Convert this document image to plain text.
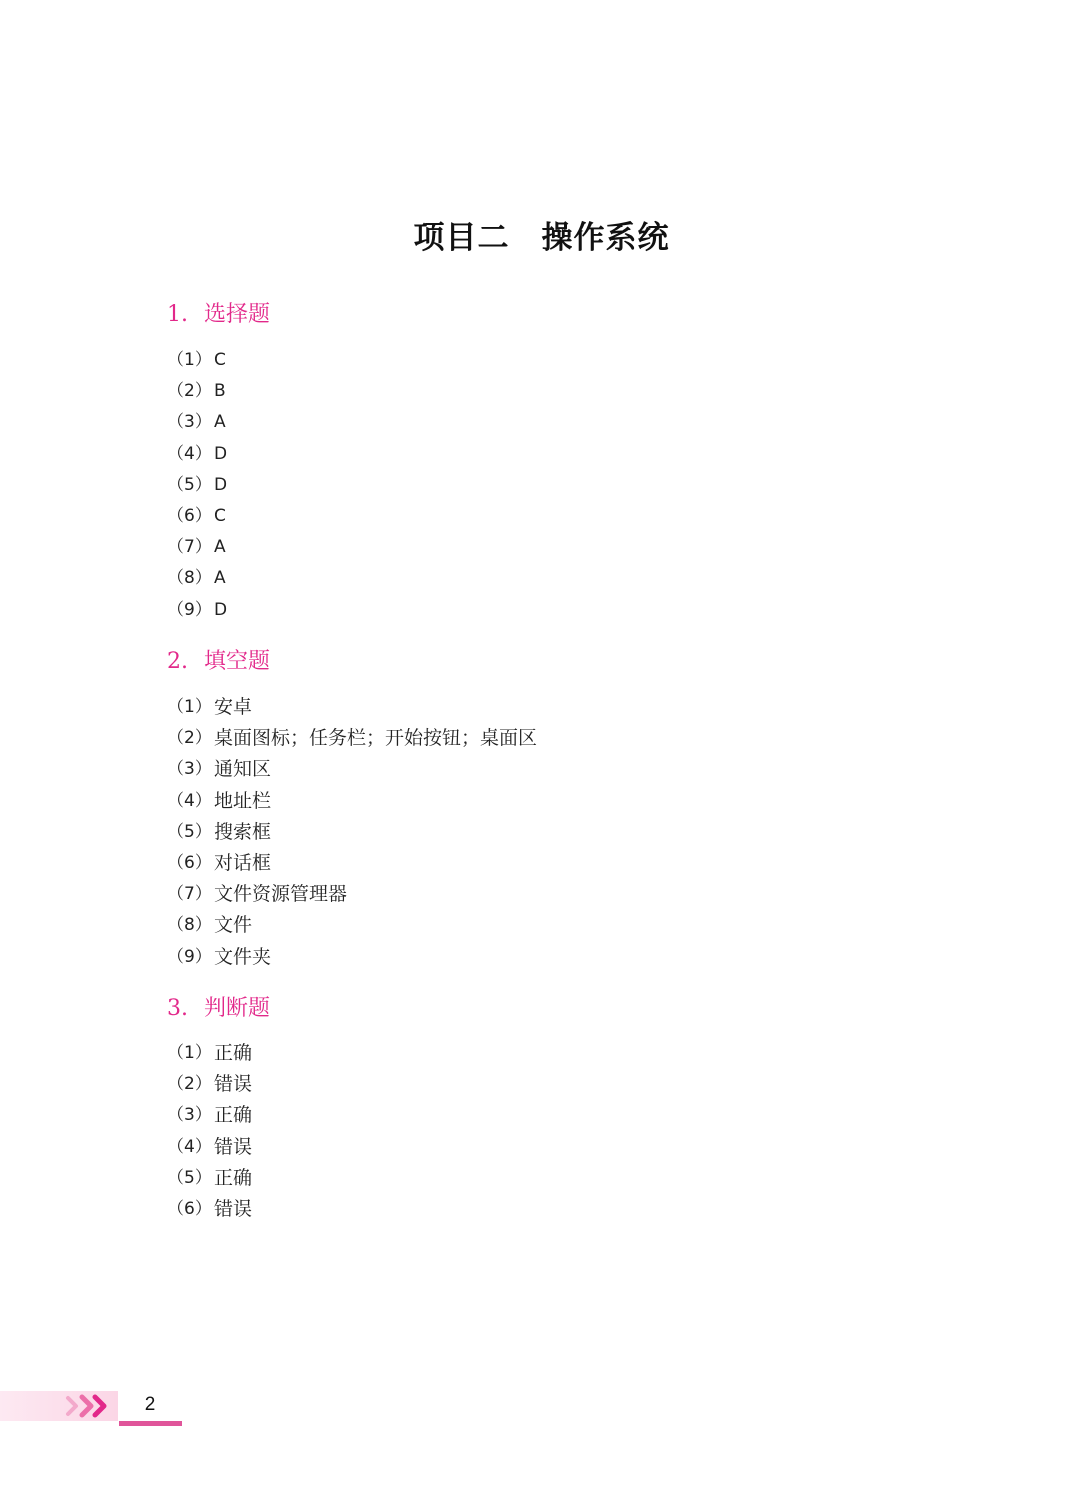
项目二　操作系统
1. 选择题
（1） C
（2） B
（3） A
（4） D
（5） D
（6） C
（7） A
（8） A
（9） D
2. 填空题
（1） 安卓
（2） 桌面图标；任务栏；开始按钮；桌面区
（3） 通知区
（4） 地址栏
（5） 搜索框
（6） 对话框
（7） 文件资源管理器
（8） 文件
（9） 文件夹
3. 判断题
（1） 正确
（2） 错误
（3） 正确
（4） 错误
（5） 正确
（6） 错误
2
